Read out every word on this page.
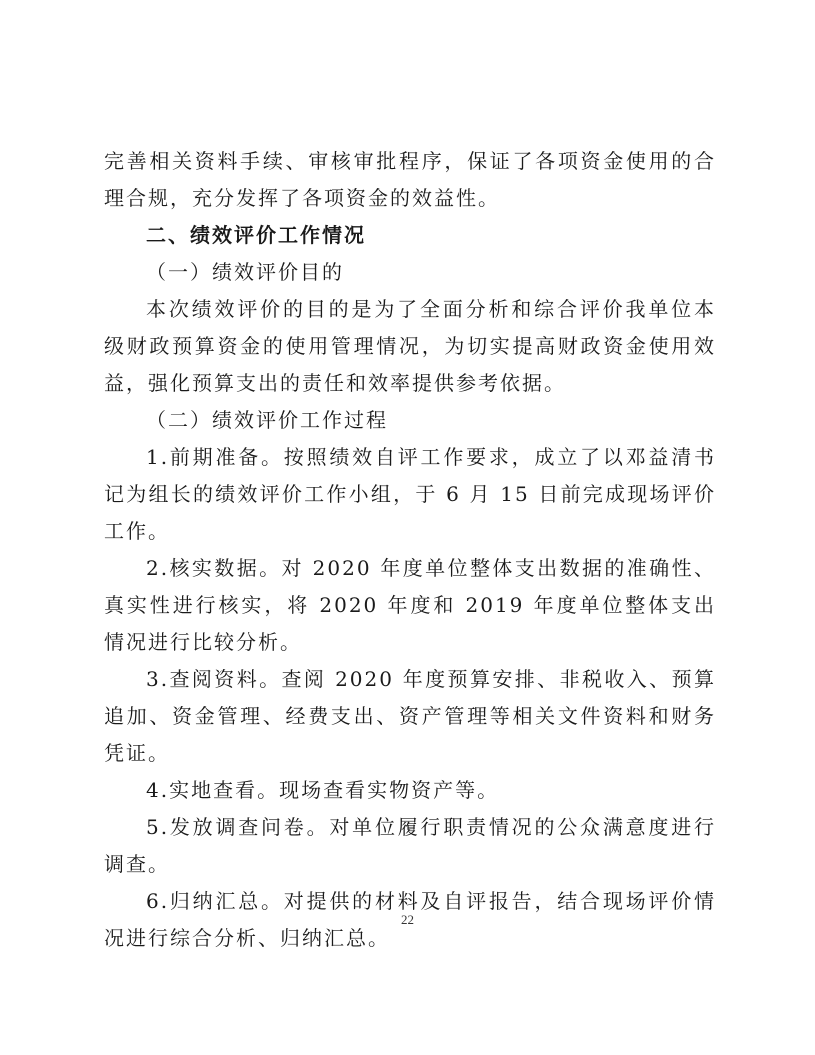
完善相关资料手续、审核审批程序，保证了各项资金使用的合理合规，充分发挥了各项资金的效益性。

二、绩效评价工作情况

（一）绩效评价目的

本次绩效评价的目的是为了全面分析和综合评价我单位本级财政预算资金的使用管理情况，为切实提高财政资金使用效益，强化预算支出的责任和效率提供参考依据。

（二）绩效评价工作过程

1.前期准备。按照绩效自评工作要求，成立了以邓益清书记为组长的绩效评价工作小组，于 6 月 15 日前完成现场评价工作。

2.核实数据。对 2020 年度单位整体支出数据的准确性、真实性进行核实，将 2020 年度和 2019 年度单位整体支出情况进行比较分析。

3.查阅资料。查阅 2020 年度预算安排、非税收入、预算追加、资金管理、经费支出、资产管理等相关文件资料和财务凭证。

4.实地查看。现场查看实物资产等。

5.发放调查问卷。对单位履行职责情况的公众满意度进行调查。

6.归纳汇总。对提供的材料及自评报告，结合现场评价情况进行综合分析、归纳汇总。

22
